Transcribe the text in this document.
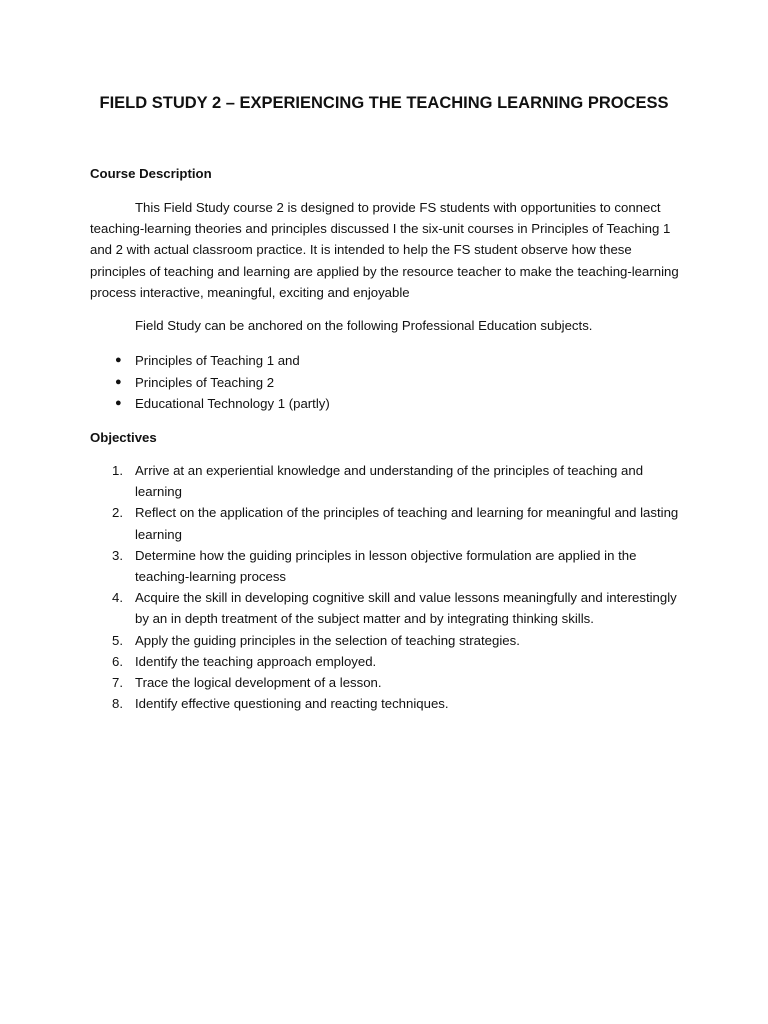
FIELD STUDY 2 – EXPERIENCING THE TEACHING LEARNING PROCESS

Course Description

This Field Study course 2 is designed to provide FS students with opportunities to connect teaching-learning theories and principles discussed I the six-unit courses in Principles of Teaching 1 and 2 with actual classroom practice. It is intended to help the FS student observe how these principles of teaching and learning are applied by the resource teacher to make the teaching-learning process interactive, meaningful, exciting and enjoyable

Field Study can be anchored on the following Professional Education subjects.

● Principles of Teaching 1 and
● Principles of Teaching 2
● Educational Technology 1 (partly)

Objectives

1. Arrive at an experiential knowledge and understanding of the principles of teaching and learning
2. Reflect on the application of the principles of teaching and learning for meaningful and lasting learning
3. Determine how the guiding principles in lesson objective formulation are applied in the teaching-learning process
4. Acquire the skill in developing cognitive skill and value lessons meaningfully and interestingly by an in depth treatment of the subject matter and by integrating thinking skills.
5. Apply the guiding principles in the selection of teaching strategies.
6. Identify the teaching approach employed.
7. Trace the logical development of a lesson.
8. Identify effective questioning and reacting techniques.
